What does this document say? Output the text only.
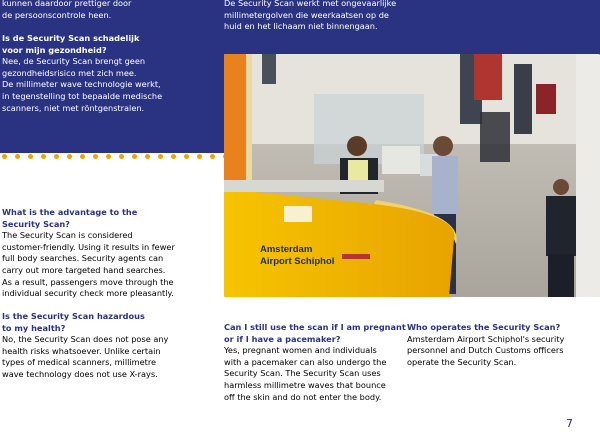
kunnen daardoor prettiger door
de persoonscontrole heen.

Is de Security Scan schadelijk
voor mijn gezondheid?
Nee, de Security Scan brengt geen
gezondheidsrisico met zich mee.
De millimeter wave technologie werkt,
in tegenstelling tot bepaalde medische
scanners, niet met röntgenstralen.

De Security Scan werkt met ongevaarlijke
millimetergolven die weerkaatsen op de
huid en het lichaam niet binnengaan.

Amsterdam
Airport Schiphol

What is the advantage to the
Security Scan?
The Security Scan is considered
customer-friendly. Using it results in fewer
full body searches. Security agents can
carry out more targeted hand searches.
As a result, passengers move through the
individual security check more pleasantly.

Is the Security Scan hazardous
to my health?
No, the Security Scan does not pose any
health risks whatsoever. Unlike certain
types of medical scanners, millimetre
wave technology does not use X-rays.

Can I still use the scan if I am pregnant
or if I have a pacemaker?
Yes, pregnant women and individuals
with a pacemaker can also undergo the
Security Scan. The Security Scan uses
harmless millimetre waves that bounce
off the skin and do not enter the body.

Who operates the Security Scan?
Amsterdam Airport Schiphol's security
personnel and Dutch Customs officers
operate the Security Scan.

7
